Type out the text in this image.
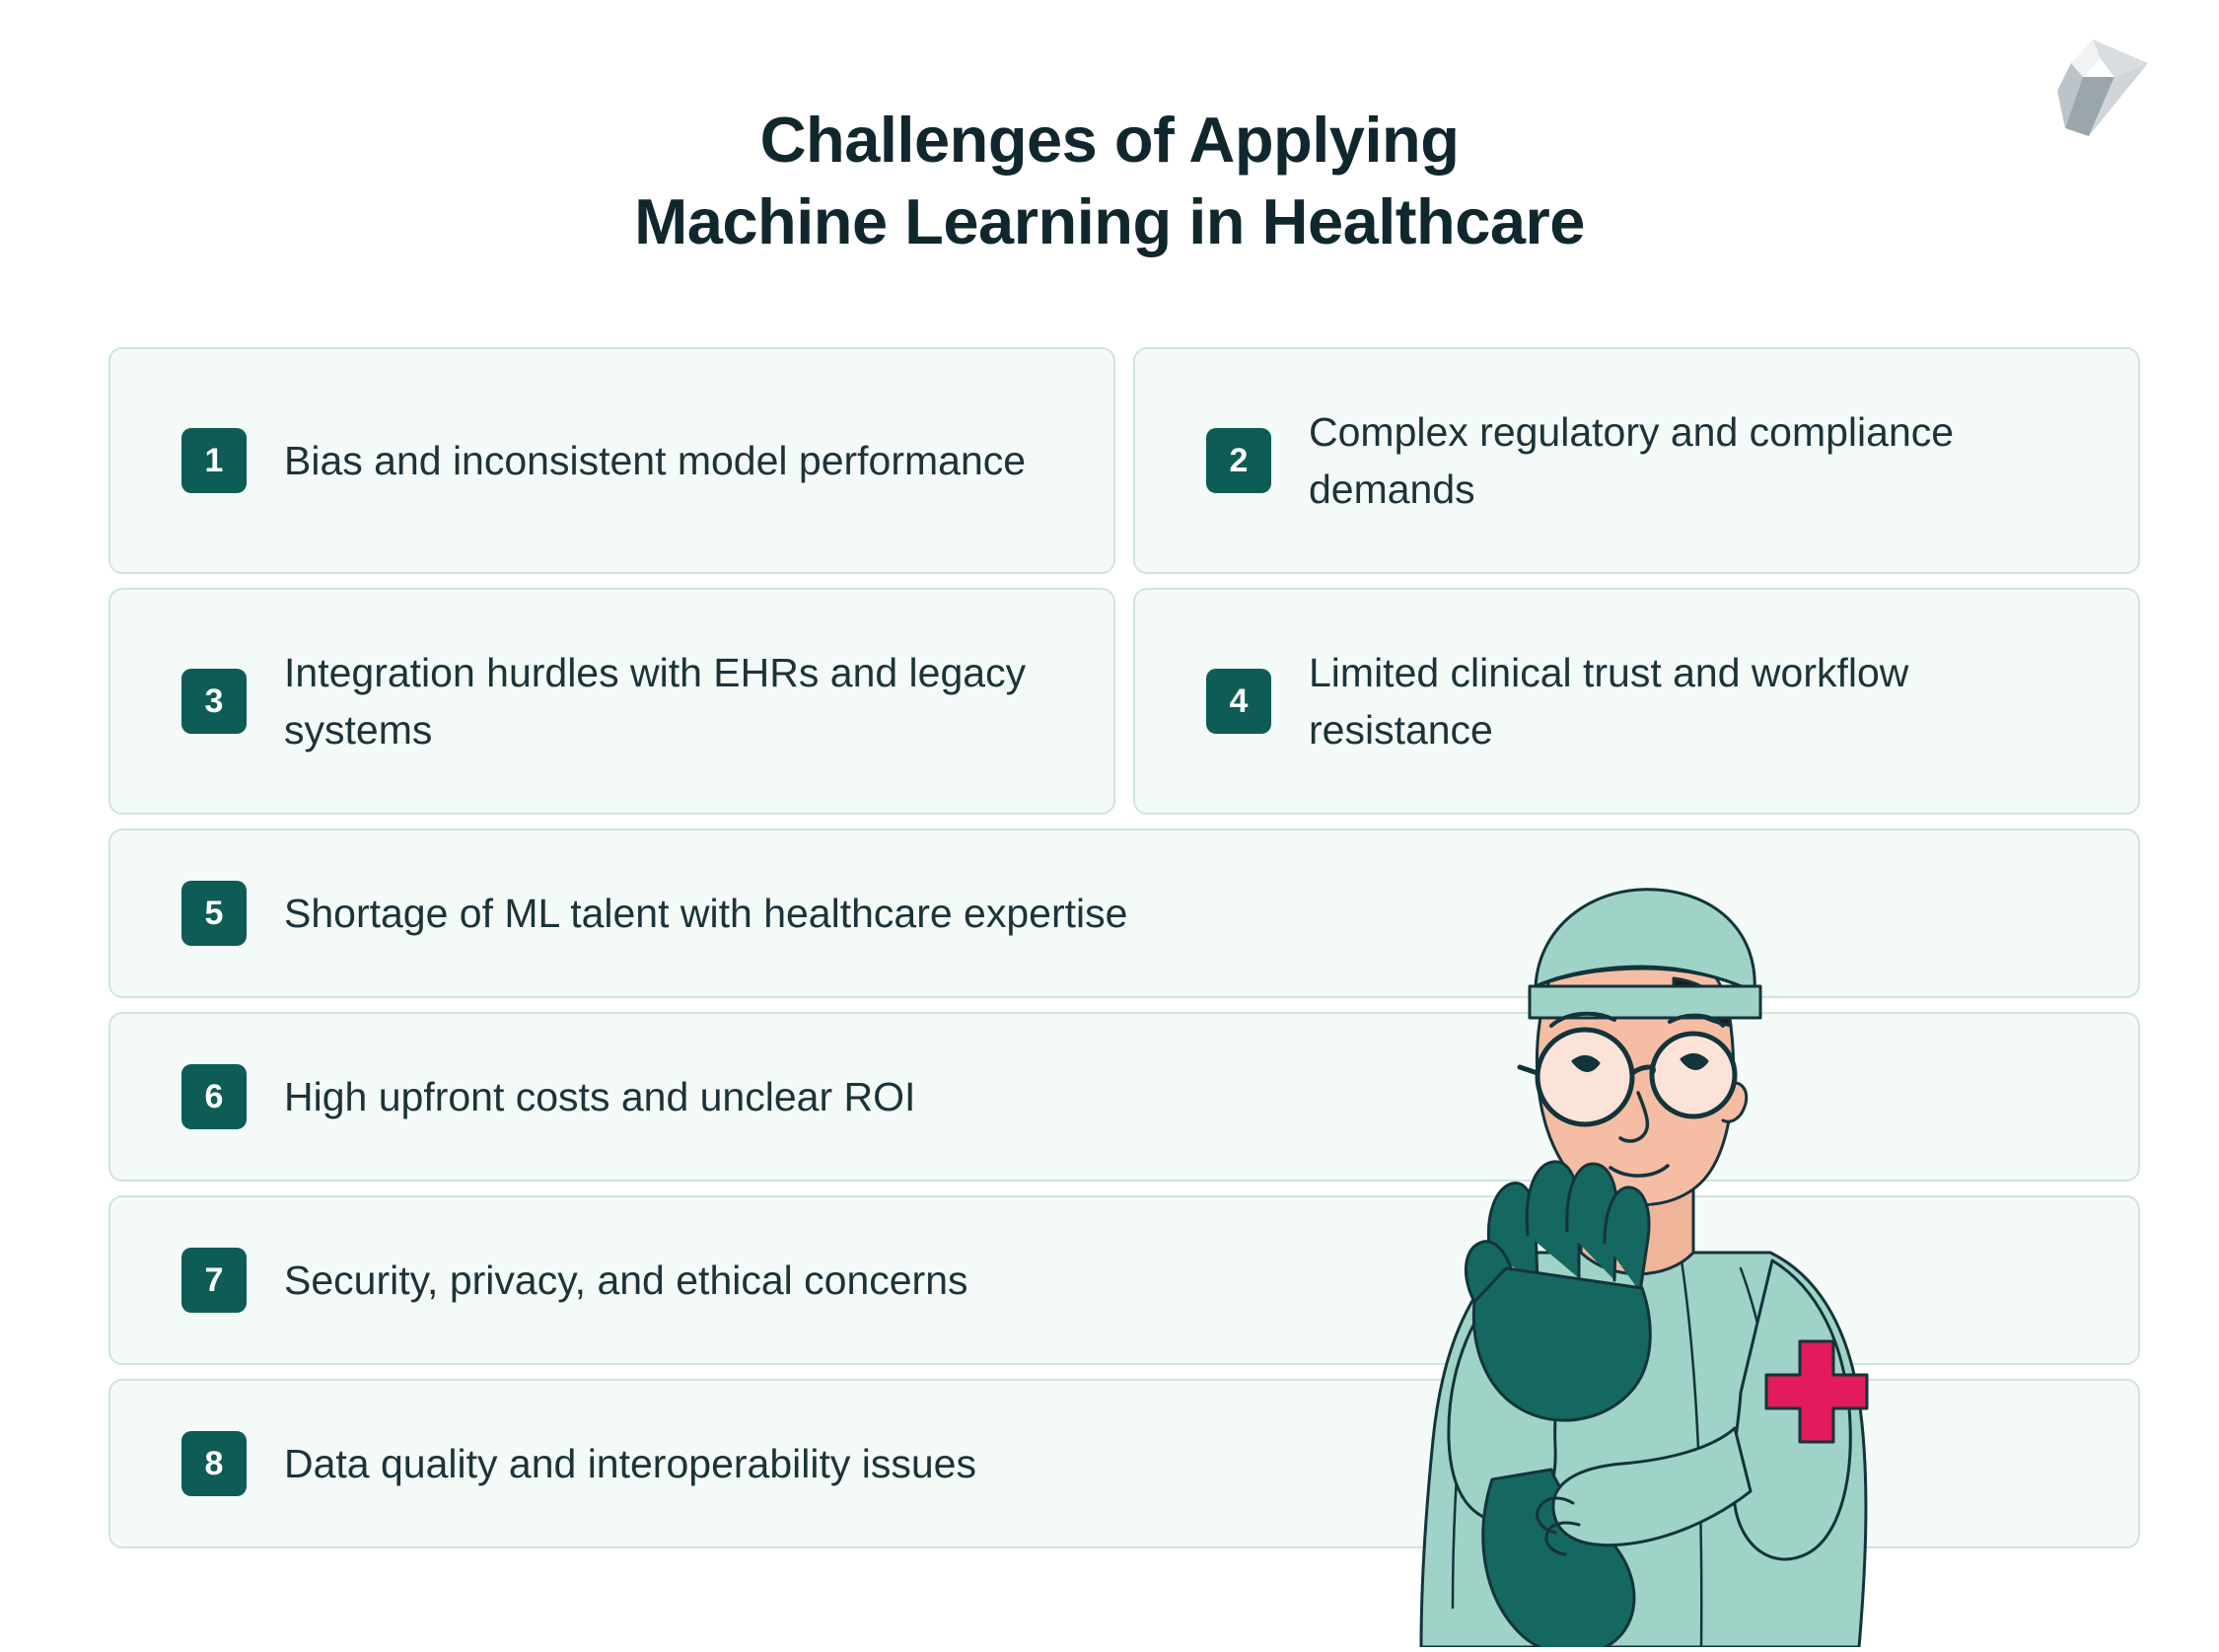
Challenges of Applying
Machine Learning in Healthcare
1	Bias and inconsistent model performance	2
Complex regulatory and compliance demands
3
Integration hurdles with EHRs and legacy systems
4
Limited clinical trust and workflow resistance
5	Shortage of ML talent with healthcare expertise
6	High upfront costs and unclear ROI
7	Security, privacy, and ethical concerns
8	Data quality and interoperability issues
